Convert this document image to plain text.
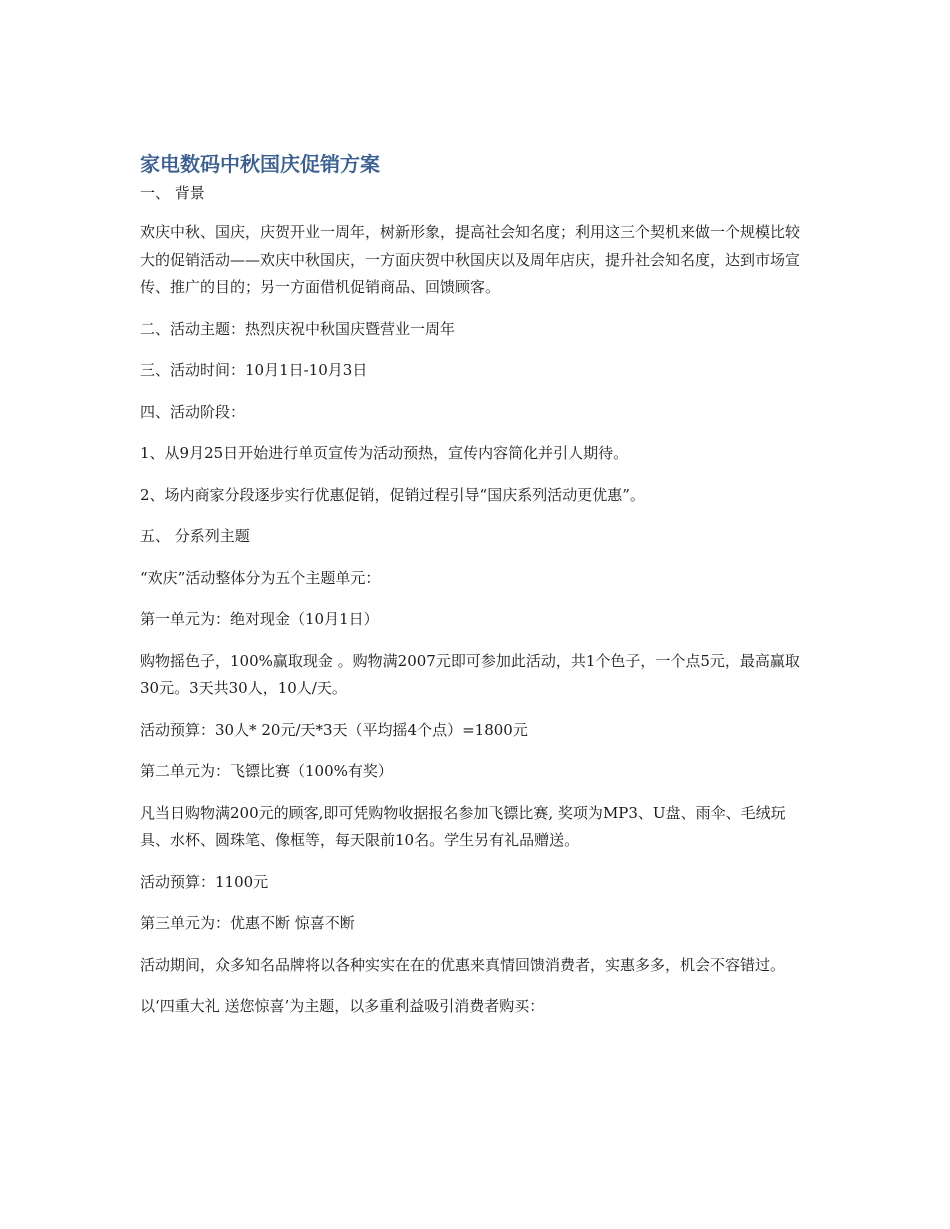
家电数码中秋国庆促销方案

一、 背景

欢庆中秋、国庆，庆贺开业一周年，树新形象，提高社会知名度；利用这三个契机来做一个规模比较大的促销活动——欢庆中秋国庆，一方面庆贺中秋国庆以及周年店庆，提升社会知名度，达到市场宣传、推广的目的；另一方面借机促销商品、回馈顾客。

二、活动主题：热烈庆祝中秋国庆暨营业一周年

三、活动时间：10月1日-10月3日

四、活动阶段：

1、从9月25日开始进行单页宣传为活动预热，宣传内容简化并引人期待。

2、场内商家分段逐步实行优惠促销，促销过程引导“国庆系列活动更优惠”。

五、 分系列主题

“欢庆”活动整体分为五个主题单元：

第一单元为：绝对现金（10月1日）

购物摇色子，100%赢取现金 。购物满2007元即可参加此活动，共1个色子，一个点5元，最高赢取30元。3天共30人，10人/天。

活动预算：30人* 20元/天*3天（平均摇4个点）=1800元

第二单元为：飞镖比赛（100%有奖）

凡当日购物满200元的顾客,即可凭购物收据报名参加飞镖比赛, 奖项为MP3、U盘、雨伞、毛绒玩具、水杯、圆珠笔、像框等，每天限前10名。学生另有礼品赠送。

活动预算：1100元

第三单元为：优惠不断 惊喜不断

活动期间，众多知名品牌将以各种实实在在的优惠来真情回馈消费者，实惠多多，机会不容错过。

以‘四重大礼 送您惊喜’为主题，以多重利益吸引消费者购买：
